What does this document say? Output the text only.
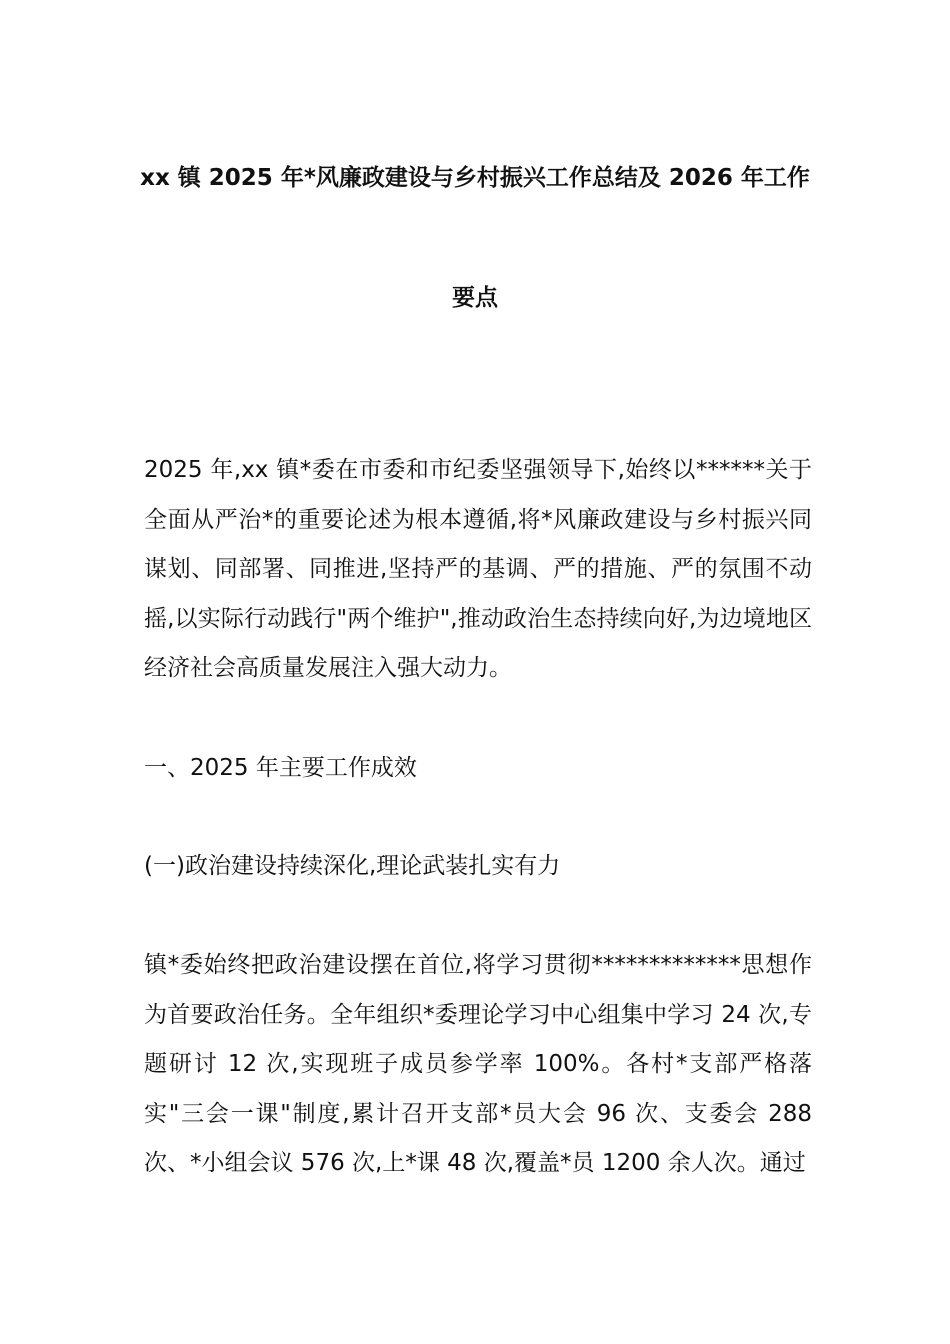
xx 镇 2025 年*风廉政建设与乡村振兴工作总结及 2026 年工作
要点

2025 年,xx 镇*委在市委和市纪委坚强领导下,始终以******关于全面从严治*的重要论述为根本遵循,将*风廉政建设与乡村振兴同谋划、同部署、同推进,坚持严的基调、严的措施、严的氛围不动摇,以实际行动践行"两个维护",推动政治生态持续向好,为边境地区经济社会高质量发展注入强大动力。

一、2025 年主要工作成效

(一)政治建设持续深化,理论武装扎实有力

镇*委始终把政治建设摆在首位,将学习贯彻*************思想作为首要政治任务。全年组织*委理论学习中心组集中学习 24 次,专题研讨 12 次,实现班子成员参学率 100%。各村*支部严格落实"三会一课"制度,累计召开支部*员大会 96 次、支委会 288 次、*小组会议 576 次,上*课 48 次,覆盖*员 1200 余人次。通过
